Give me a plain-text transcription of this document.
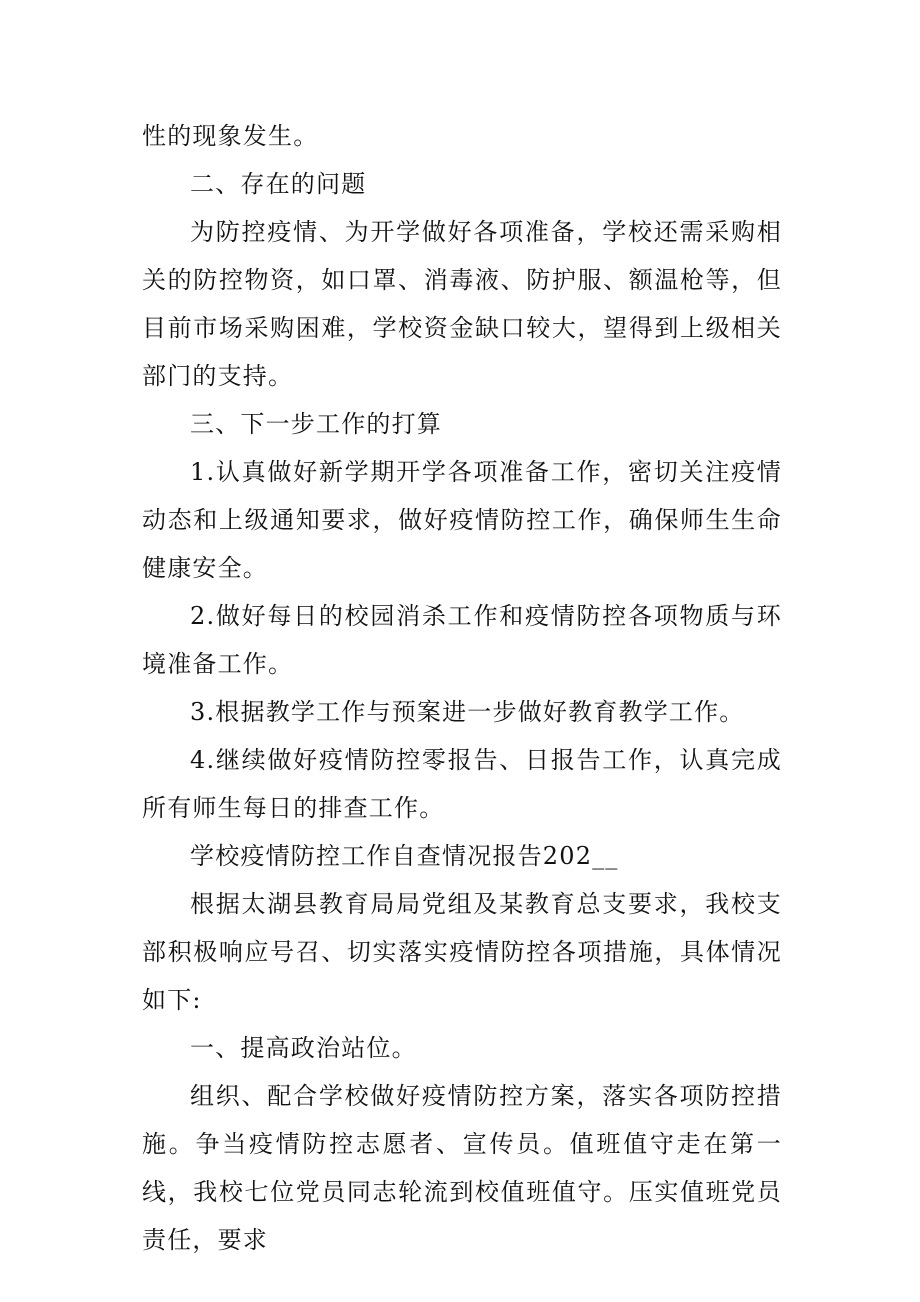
性的现象发生。

二、存在的问题

为防控疫情、为开学做好各项准备，学校还需采购相关的防控物资，如口罩、消毒液、防护服、额温枪等，但目前市场采购困难，学校资金缺口较大，望得到上级相关部门的支持。

三、下一步工作的打算

1.认真做好新学期开学各项准备工作，密切关注疫情动态和上级通知要求，做好疫情防控工作，确保师生生命健康安全。

2.做好每日的校园消杀工作和疫情防控各项物质与环境准备工作。

3.根据教学工作与预案进一步做好教育教学工作。

4.继续做好疫情防控零报告、日报告工作，认真完成所有师生每日的排查工作。

学校疫情防控工作自查情况报告202__

根据太湖县教育局局党组及某教育总支要求，我校支部积极响应号召、切实落实疫情防控各项措施，具体情况如下:

一、提高政治站位。

组织、配合学校做好疫情防控方案，落实各项防控措施。争当疫情防控志愿者、宣传员。值班值守走在第一线，我校七位党员同志轮流到校值班值守。压实值班党员责任，要求
